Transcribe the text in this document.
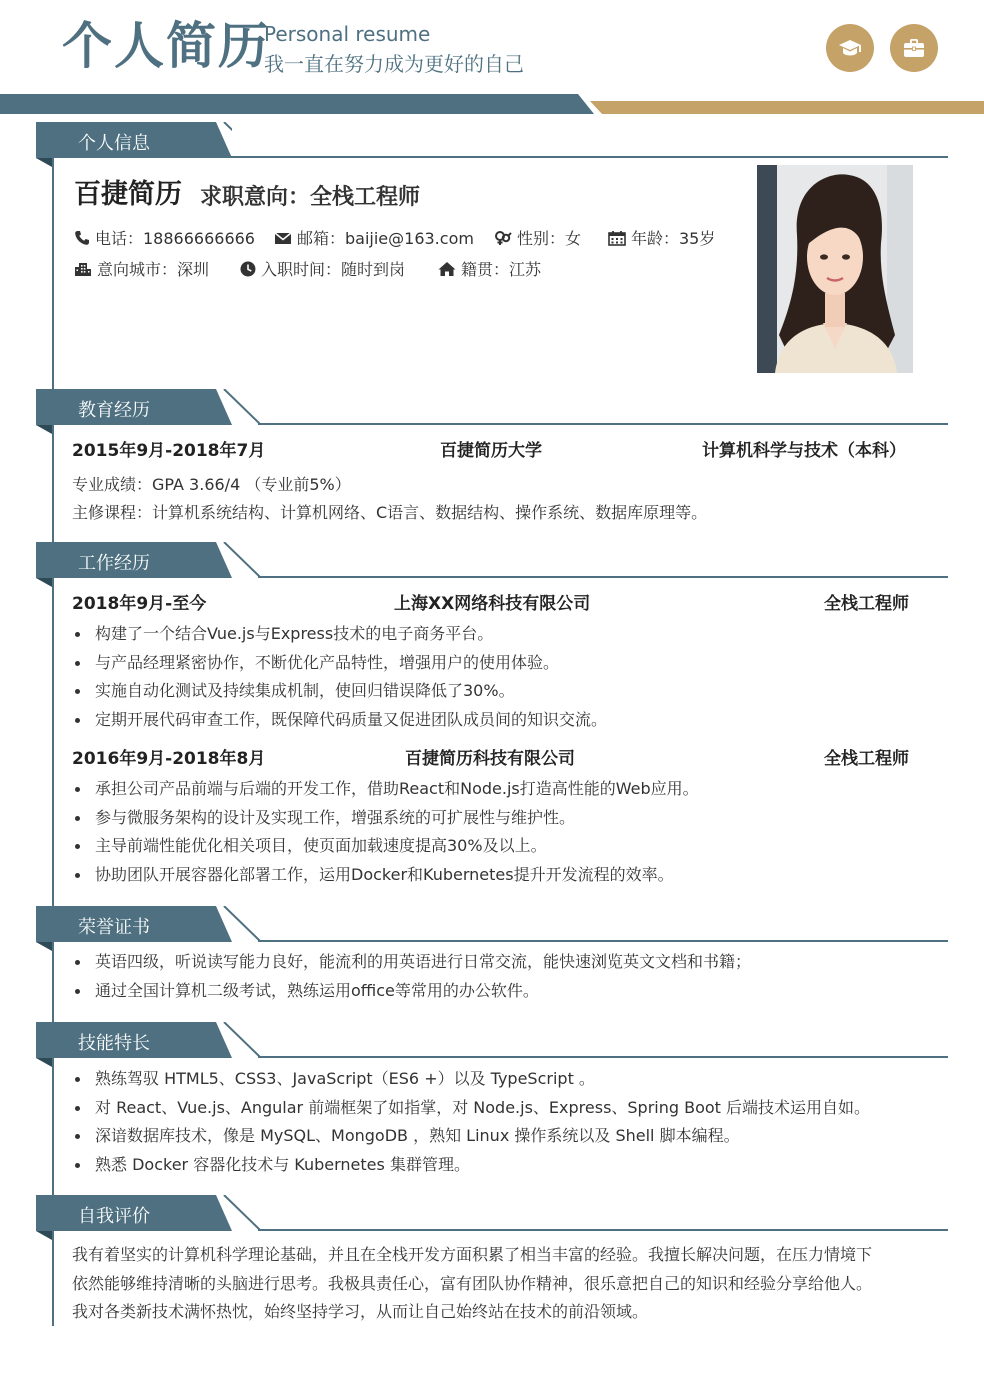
个人简历
Personal resume
我一直在努力成为更好的自己
个人信息
百捷简历 求职意向：全栈工程师
电话：18866666666	邮箱：baijie@163.com	性别：女	年龄：35岁
意向城市：深圳	入职时间：随时到岗	籍贯：江苏
教育经历
2015年9月-2018年7月	百捷简历大学	计算机科学与技术（本科）
专业成绩：GPA 3.66/4 （专业前5%）
主修课程：计算机系统结构、计算机网络、C语言、数据结构、操作系统、数据库原理等。
工作经历
2018年9月-至今	上海XX网络科技有限公司	全栈工程师
构建了一个结合Vue.js与Express技术的电子商务平台。
与产品经理紧密协作，不断优化产品特性，增强用户的使用体验。
实施自动化测试及持续集成机制，使回归错误降低了30%。
定期开展代码审查工作，既保障代码质量又促进团队成员间的知识交流。
2016年9月-2018年8月	百捷简历科技有限公司	全栈工程师
承担公司产品前端与后端的开发工作，借助React和Node.js打造高性能的Web应用。
参与微服务架构的设计及实现工作，增强系统的可扩展性与维护性。
主导前端性能优化相关项目，使页面加载速度提高30%及以上。
协助团队开展容器化部署工作，运用Docker和Kubernetes提升开发流程的效率。
荣誉证书
英语四级，听说读写能力良好，能流利的用英语进行日常交流，能快速浏览英文文档和书籍；
通过全国计算机二级考试，熟练运用office等常用的办公软件。
技能特长
熟练驾驭 HTML5、CSS3、JavaScript（ES6 +）以及 TypeScript 。
对 React、Vue.js、Angular 前端框架了如指掌，对 Node.js、Express、Spring Boot 后端技术运用自如。
深谙数据库技术，像是 MySQL、MongoDB ，熟知 Linux 操作系统以及 Shell 脚本编程。
熟悉 Docker 容器化技术与 Kubernetes 集群管理。
自我评价
我有着坚实的计算机科学理论基础，并且在全栈开发方面积累了相当丰富的经验。我擅长解决问题，在压力情境下
依然能够维持清晰的头脑进行思考。我极具责任心，富有团队协作精神，很乐意把自己的知识和经验分享给他人。
我对各类新技术满怀热忱，始终坚持学习，从而让自己始终站在技术的前沿领域。
